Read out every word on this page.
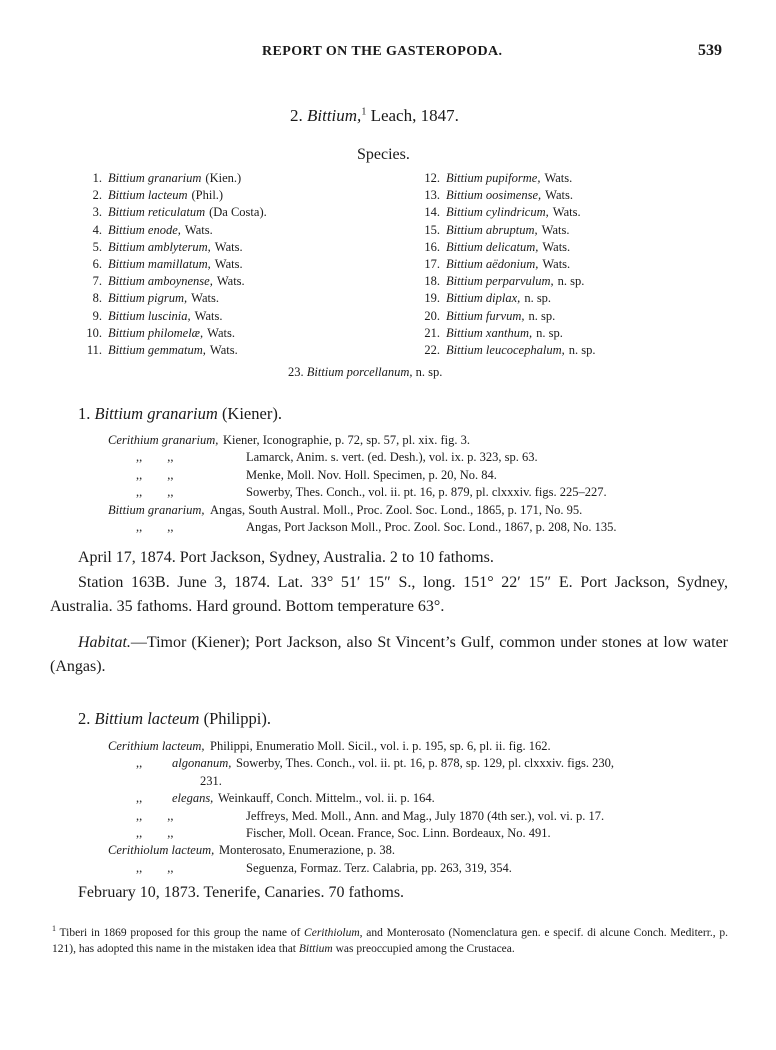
REPORT ON THE GASTEROPODA.	539
2. Bittium,$^1$ Leach, 1847.
Species.
1. Bittium granarium (Kien.)
2. Bittium lacteum (Phil.)
3. Bittium reticulatum (Da Costa).
4. Bittium enode, Wats.
5. Bittium amblyterum, Wats.
6. Bittium mamillatum, Wats.
7. Bittium amboynense, Wats.
8. Bittium pigrum, Wats.
9. Bittium luscinia, Wats.
10. Bittium philomelæ, Wats.
11. Bittium gemmatum, Wats.
12. Bittium pupiforme, Wats.
13. Bittium oosimense, Wats.
14. Bittium cylindricum, Wats.
15. Bittium abruptum, Wats.
16. Bittium delicatum, Wats.
17. Bittium aëdonium, Wats.
18. Bittium perparvulum, n. sp.
19. Bittium diplax, n. sp.
20. Bittium furvum, n. sp.
21. Bittium xanthum, n. sp.
22. Bittium leucocephalum, n. sp.
23. Bittium porcellanum, n. sp.
1. Bittium granarium (Kiener).
Cerithium granarium, Kiener, Iconographie, p. 72, sp. 57, pl. xix. fig. 3.
,,        ,,	Lamarck, Anim. s. vert. (ed. Desh.), vol. ix. p. 323, sp. 63.
,,        ,,	Menke, Moll. Nov. Holl. Specimen, p. 20, No. 84.
,,        ,,	Sowerby, Thes. Conch., vol. ii. pt. 16, p. 879, pl. clxxxiv. figs. 225–227.
Bittium granarium, Angas, South Austral. Moll., Proc. Zool. Soc. Lond., 1865, p. 171, No. 95.
,,        ,,	Angas, Port Jackson Moll., Proc. Zool. Soc. Lond., 1867, p. 208, No. 135.
April 17, 1874. Port Jackson, Sydney, Australia. 2 to 10 fathoms.
Station 163B. June 3, 1874. Lat. 33° 51′ 15″ S., long. 151° 22′ 15″ E. Port Jackson, Sydney, Australia. 35 fathoms. Hard ground. Bottom temperature 63°.
Habitat.—Timor (Kiener); Port Jackson, also St Vincent’s Gulf, common under stones at low water (Angas).
2. Bittium lacteum (Philippi).
Cerithium lacteum, Philippi, Enumeratio Moll. Sicil., vol. i. p. 195, sp. 6, pl. ii. fig. 162.
,, algonanum, Sowerby, Thes. Conch., vol. ii. pt. 16, p. 878, sp. 129, pl. clxxxiv. figs. 230,
231.
,, elegans, Weinkauff, Conch. Mittelm., vol. ii. p. 164.
,,        ,,	Jeffreys, Med. Moll., Ann. and Mag., July 1870 (4th ser.), vol. vi. p. 17.
,,        ,,	Fischer, Moll. Ocean. France, Soc. Linn. Bordeaux, No. 491.
Cerithiolum lacteum, Monterosato, Enumerazione, p. 38.
,,        ,,	Seguenza, Formaz. Terz. Calabria, pp. 263, 319, 354.
February 10, 1873. Tenerife, Canaries. 70 fathoms.
$^1$ Tiberi in 1869 proposed for this group the name of Cerithiolum, and Monterosato (Nomenclatura gen. e specif. di alcune Conch. Mediterr., p. 121), has adopted this name in the mistaken idea that Bittium was preoccupied among the Crustacea.
